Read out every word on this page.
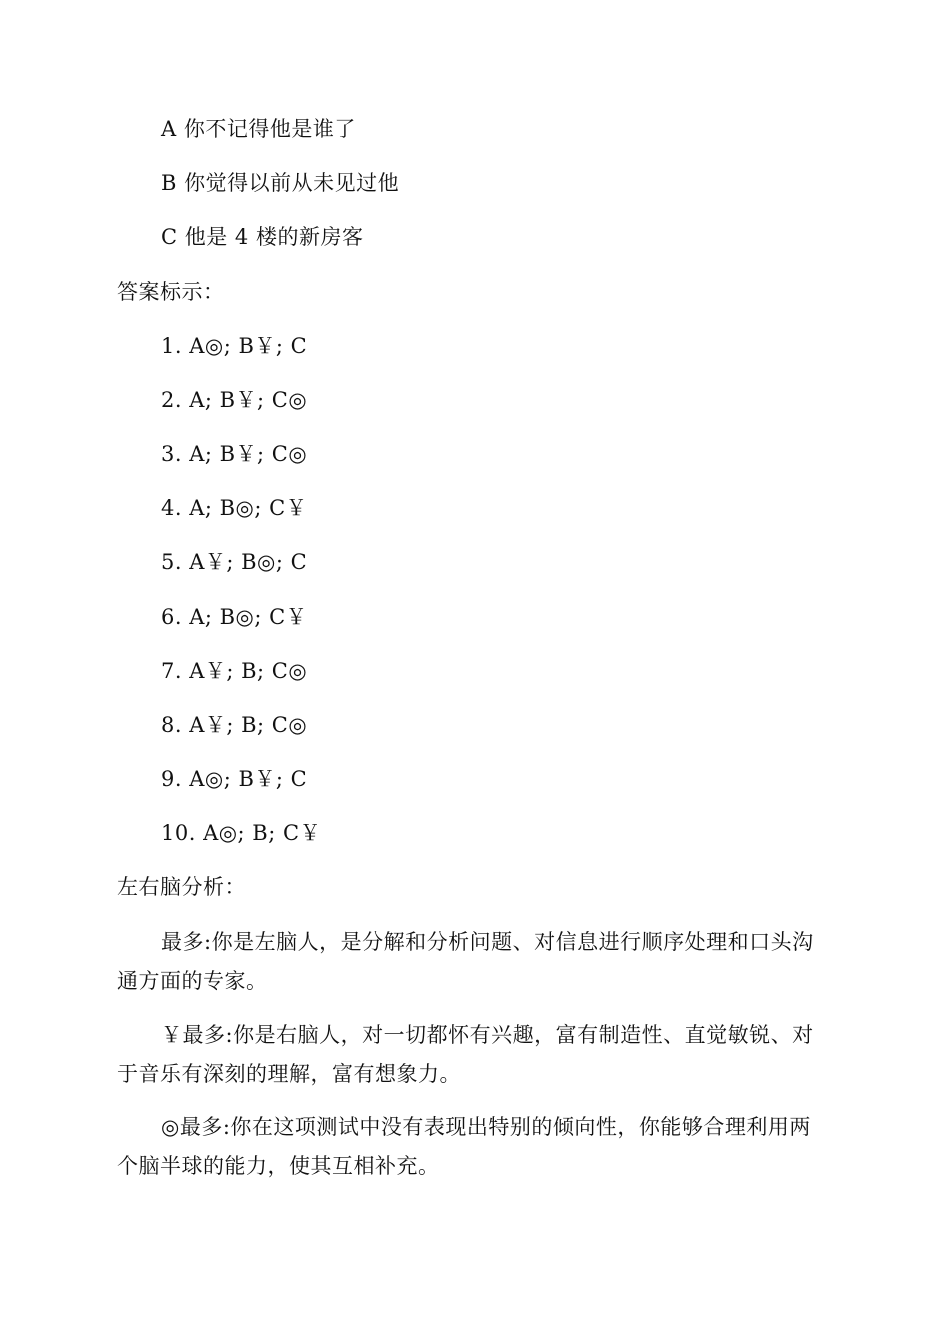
A 你不记得他是谁了
B 你觉得以前从未见过他
C 他是 4 楼的新房客
答案标示：
1. A◎; B￥; C
2. A; B￥; C◎
3. A; B￥; C◎
4. A; B◎; C￥
5. A￥; B◎; C
6. A; B◎; C￥
7. A￥; B; C◎
8. A￥; B; C◎
9. A◎; B￥; C
10. A◎; B; C￥
左右脑分析：
最多:你是左脑人，是分解和分析问题、对信息进行顺序处理和口头沟通方面的专家。
￥最多:你是右脑人，对一切都怀有兴趣，富有制造性、直觉敏锐、对于音乐有深刻的理解，富有想象力。
◎最多:你在这项测试中没有表现出特别的倾向性，你能够合理利用两个脑半球的能力，使其互相补充。
